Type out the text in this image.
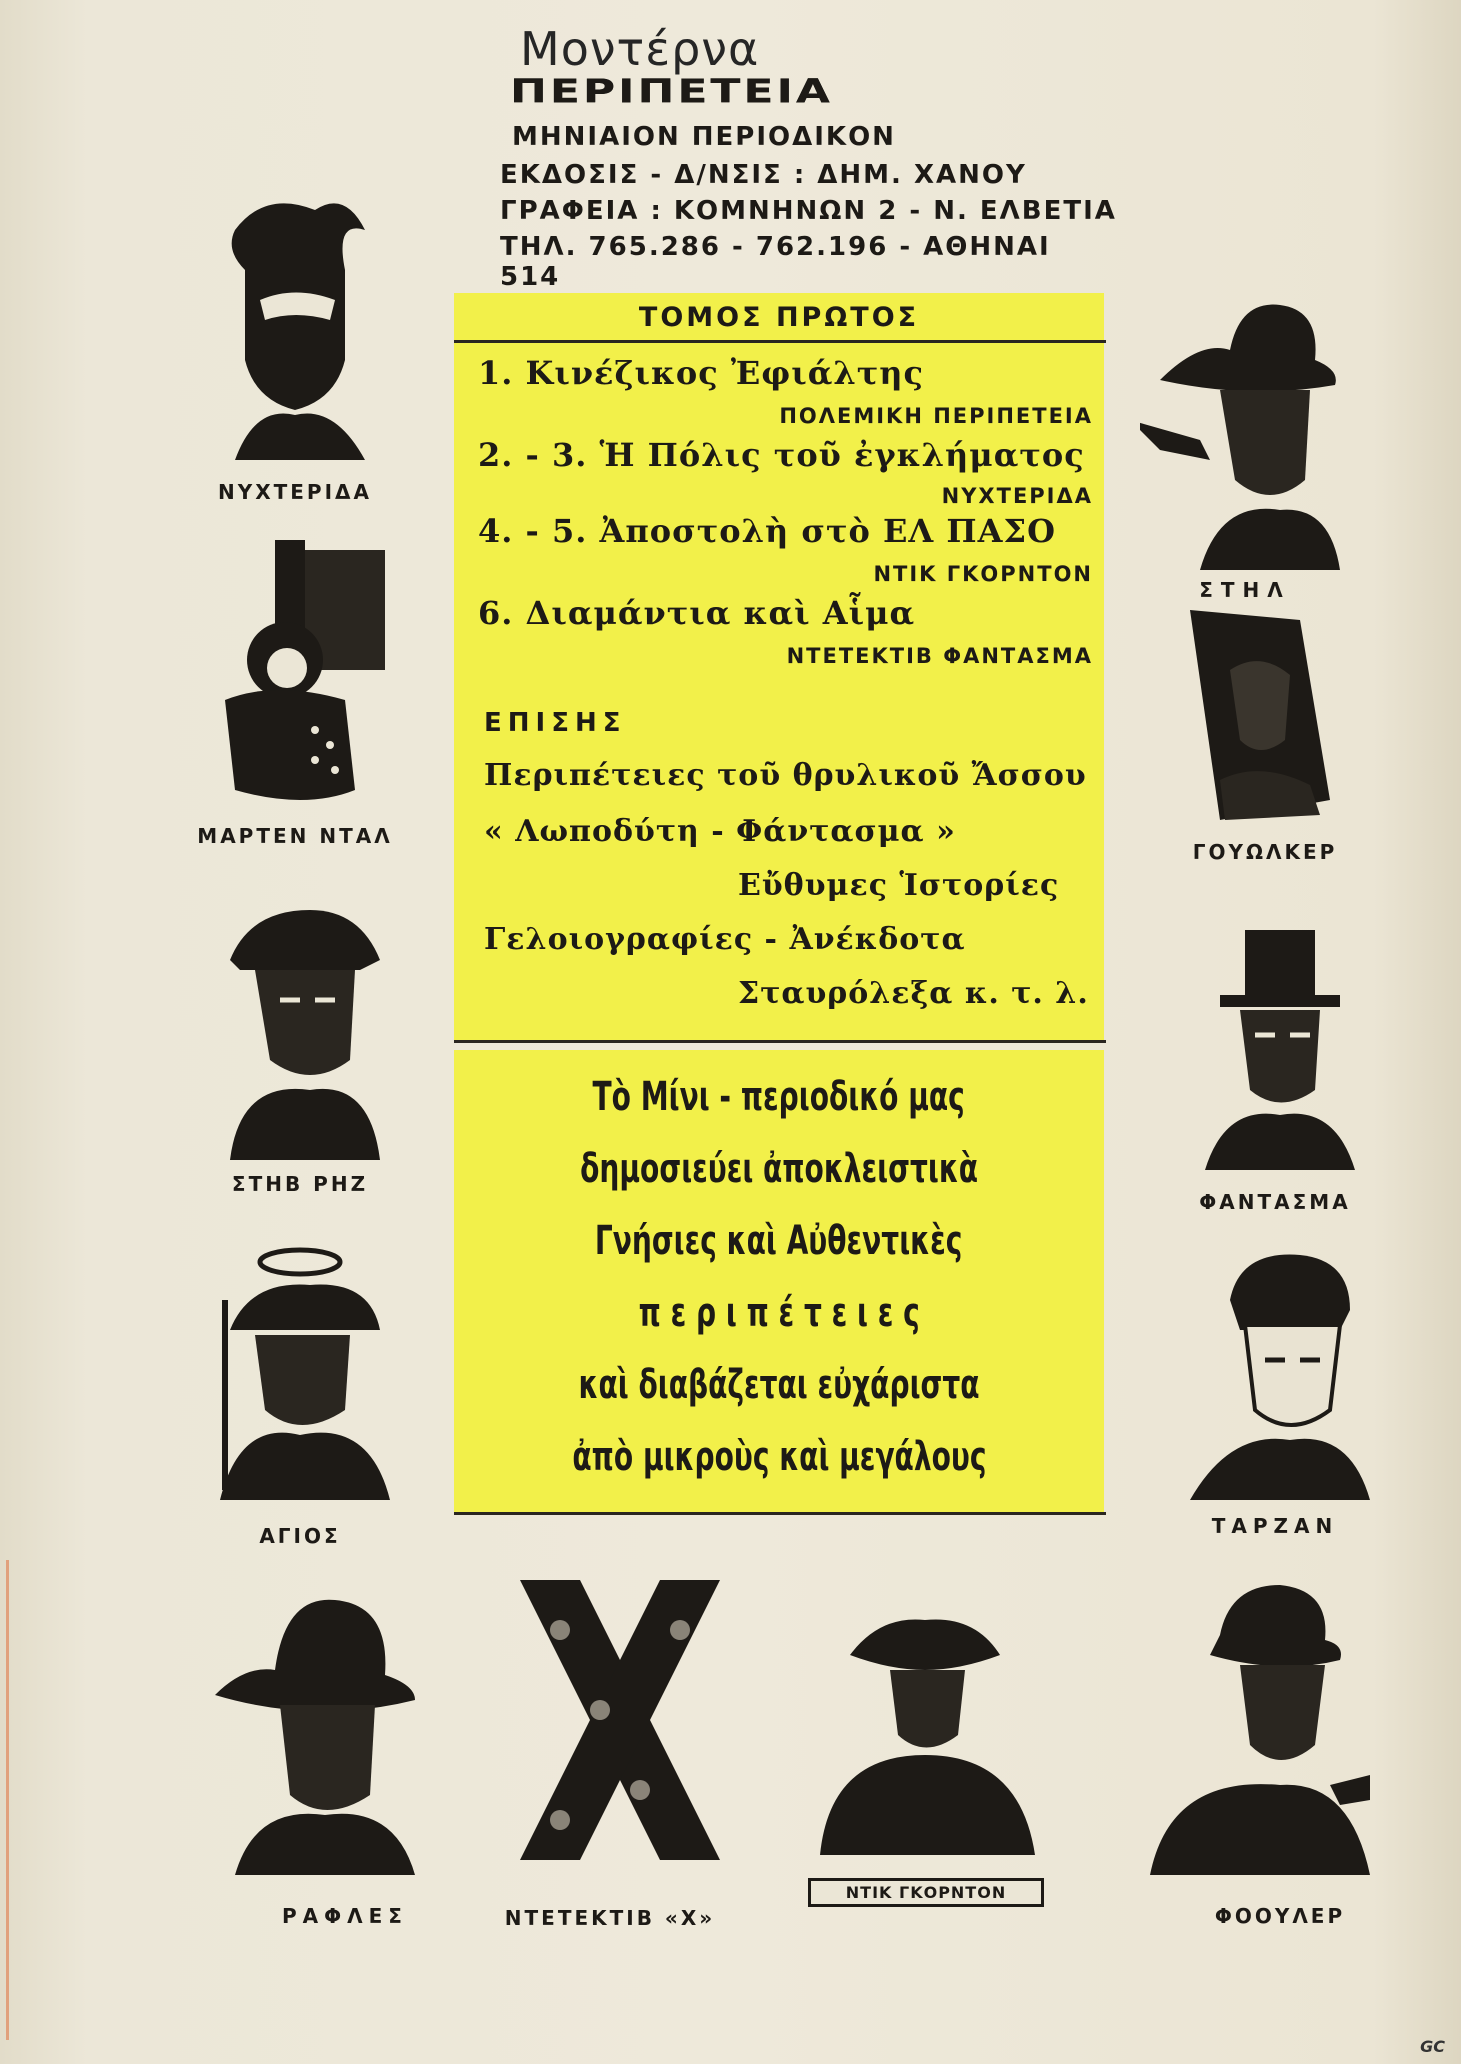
Μοντέρνα
ΠΕΡΙΠΕΤΕΙΑ
ΜΗΝΙΑΙΟΝ ΠΕΡΙΟΔΙΚΟΝ
ΕΚΔΟΣΙΣ - Δ/ΝΣΙΣ : ΔΗΜ. ΧΑΝΟΥ
ΓΡΑΦΕΙΑ : ΚΟΜΝΗΝΩΝ 2 - Ν. ΕΛΒΕΤΙΑ
ΤΗΛ. 765.286 - 762.196 - ΑΘΗΝΑΙ 514
ΤΟΜΟΣ ΠΡΩΤΟΣ
1. Κινέζικος Ἐφιάλτης
ΠΟΛΕΜΙΚΗ ΠΕΡΙΠΕΤΕΙΑ
2. - 3. Ἡ Πόλις τοῦ ἐγκλήματος
ΝΥΧΤΕΡΙΔΑ
4. - 5. Ἀποστολὴ στὸ ΕΛ ΠΑΣΟ
ΝΤΙΚ ΓΚΟΡΝΤΟΝ
6. Διαμάντια καὶ Αἷμα
ΝΤΕΤΕΚΤΙΒ ΦΑΝΤΑΣΜΑ
ΕΠΙΣΗΣ
Περιπέτειες τοῦ θρυλικοῦ Ἄσσου
« Λωποδύτη - Φάντασμα »
Εὔθυμες Ἱστορίες
Γελοιογραφίες - Ἀνέκδοτα
Σταυρόλεξα κ. τ. λ.
Τὸ Μίνι - περιοδικό μας
δημοσιεύει ἀποκλειστικὰ
Γνήσιες καὶ Αὐθεντικὲς
π ε ρ ι π έ τ ε ι ε ς
καὶ διαβάζεται εὐχάριστα
ἀπὸ μικροὺς καὶ μεγάλους
ΝΥΧΤΕΡΙΔΑ
ΜΑΡΤΕΝ ΝΤΑΛ
ΣΤΗΒ ΡΗΖ
ΑΓΙΟΣ
ΡΑΦΛΕΣ
ΣΤΗΛ
ΓΟΥΩΛΚΕΡ
ΦΑΝΤΑΣΜΑ
ΤΑΡΖΑΝ
ΦΟΟΥΛΕΡ
ΝΤΕΤΕΚΤΙΒ «Χ»
ΝΤΙΚ ΓΚΟΡΝΤΟΝ
GC
